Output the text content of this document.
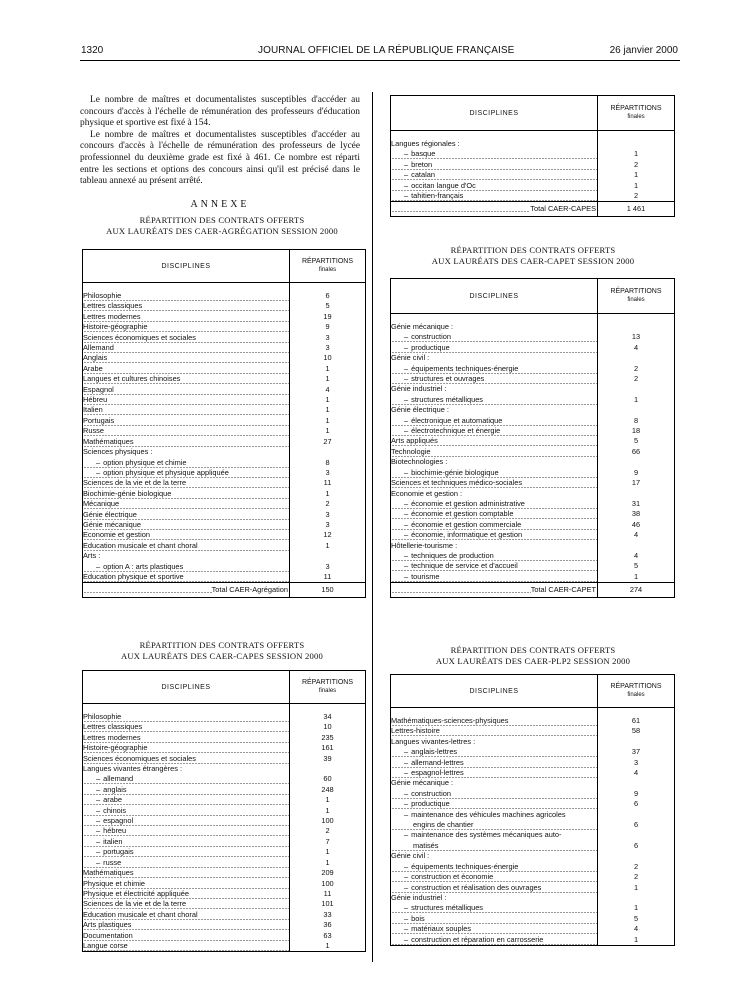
1320	JOURNAL OFFICIEL DE LA RÉPUBLIQUE FRANÇAISE	26 janvier 2000

Le nombre de maîtres et documentalistes susceptibles d'accéder au concours d'accès à l'échelle de rémunération des professeurs d'éducation physique et sportive est fixé à 154.

Le nombre de maîtres et documentalistes susceptibles d'accéder au concours d'accès à l'échelle de rémunération des professeurs de lycée professionnel du deuxième grade est fixé à 461. Ce nombre est réparti entre les sections et options des concours ainsi qu'il est précisé dans le tableau annexé au présent arrêté.

ANNEXE
RÉPARTITION DES CONTRATS OFFERTS
AUX LAURÉATS DES CAER-AGRÉGATION SESSION 2000
DISCIPLINES	RÉPARTITIONS
finales

Philosophie	6
Lettres classiques	5
Lettres modernes	19
Histoire-géographie	9
Sciences économiques et sociales	3
Allemand	3
Anglais	10
Arabe	1
Langues et cultures chinoises	1
Espagnol	4
Hébreu	1
Italien	1
Portugais	1
Russe	1
Mathématiques	27
Sciences physiques :	
– option physique et chimie	8
– option physique et physique appliquée	3
Sciences de la vie et de la terre	11
Biochimie-génie biologique	1
Mécanique	2
Génie électrique	3
Génie mécanique	3
Economie et gestion	12
Education musicale et chant choral	1
Arts :	
– option A : arts plastiques	3
Education physique et sportive	11
Total CAER-Agrégation	150
RÉPARTITION DES CONTRATS OFFERTS
AUX LAURÉATS DES CAER-CAPES SESSION 2000
DISCIPLINES	RÉPARTITIONS
finales

Philosophie	34
Lettres classiques	10
Lettres modernes	235
Histoire-géographie	161
Sciences économiques et sociales	39
Langues vivantes étrangères :	
– allemand	60
– anglais	248
– arabe	1
– chinois	1
– espagnol	100
– hébreu	2
– italien	7
– portugais	1
– russe	1
Mathématiques	209
Physique et chimie	100
Physique et électricité appliquée	11
Sciences de la vie et de la terre	101
Education musicale et chant choral	33
Arts plastiques	36
Documentation	63
Langue corse	1
DISCIPLINES	RÉPARTITIONS
finales

Langues régionales :	
– basque	1
– breton	2
– catalan	1
– occitan langue d'Oc	1
– tahitien-français	2
Total CAER-CAPES	1 461
RÉPARTITION DES CONTRATS OFFERTS
AUX LAURÉATS DES CAER-CAPET SESSION 2000
DISCIPLINES	RÉPARTITIONS
finales

Génie mécanique :	
– construction	13
– productique	4
Génie civil :	
– équipements techniques-énergie	2
– structures et ouvrages	2
Génie industriel :	
– structures métalliques	1
Génie électrique :	
– électronique et automatique	8
– électrotechnique et énergie	18
Arts appliqués	5
Technologie	66
Biotechnologies :	
– biochimie-génie biologique	9
Sciences et techniques médico-sociales	17
Economie et gestion :	
– économie et gestion administrative	31
– économie et gestion comptable	38
– économie et gestion commerciale	46
– économie, informatique et gestion	4
Hôtellerie-tourisme :	
– techniques de production	4
– technique de service et d'accueil	5
– tourisme	1
Total CAER-CAPET	274
RÉPARTITION DES CONTRATS OFFERTS
AUX LAURÉATS DES CAER-PLP2 SESSION 2000
DISCIPLINES	RÉPARTITIONS
finales

Mathématiques-sciences-physiques	61
Lettres-histoire	58
Langues vivantes-lettres :	
– anglais-lettres	37
– allemand-lettres	3
– espagnol-lettres	4
Génie mécanique :	
– construction	9
– productique	6
– maintenance des véhicules machines agricoles	
engins de chantier	6
– maintenance des systèmes mécaniques auto-	
matisés	6
Génie civil :	
– équipements techniques-énergie	2
– construction et économie	2
– construction et réalisation des ouvrages	1
Génie industriel :	
– structures métalliques	1
– bois	5
– matériaux souples	4
– construction et réparation en carrosserie	1
